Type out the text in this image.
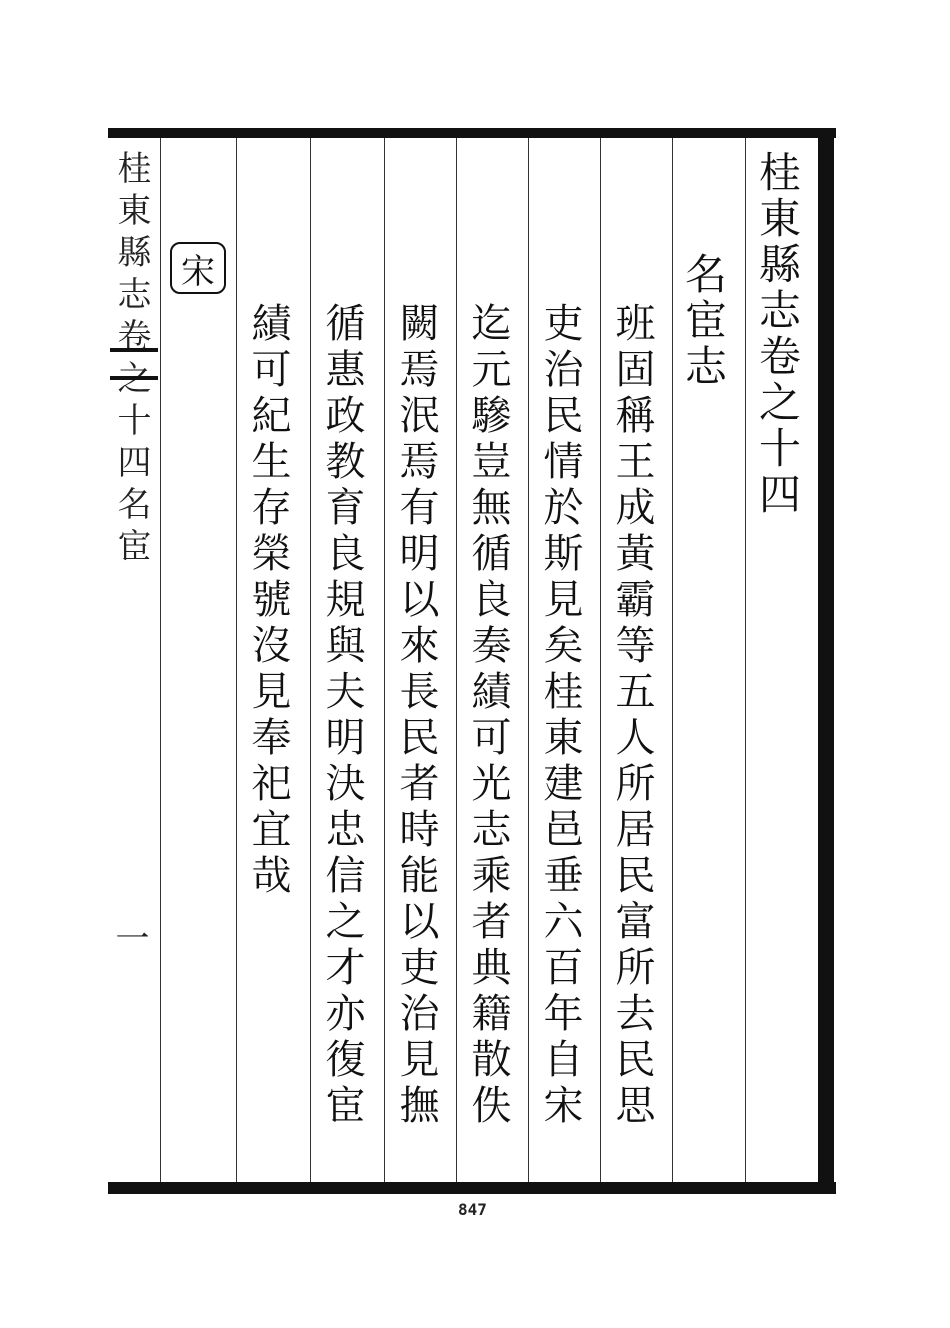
桂東縣志卷之十四
名宦志
班固稱王成黃霸等五人所居民富所去民思
吏治民情於斯見矣桂東建邑垂六百年自宋
迄元驂豈無循良奏績可光志乘者典籍散佚
闕焉泯焉有明以來長民者時能以吏治見撫
循惠政教育良規與夫明決忠信之才亦復宦
績可紀生存榮號沒見奉祀宜哉
宋
桂東縣志卷之十四名宦
一
847
